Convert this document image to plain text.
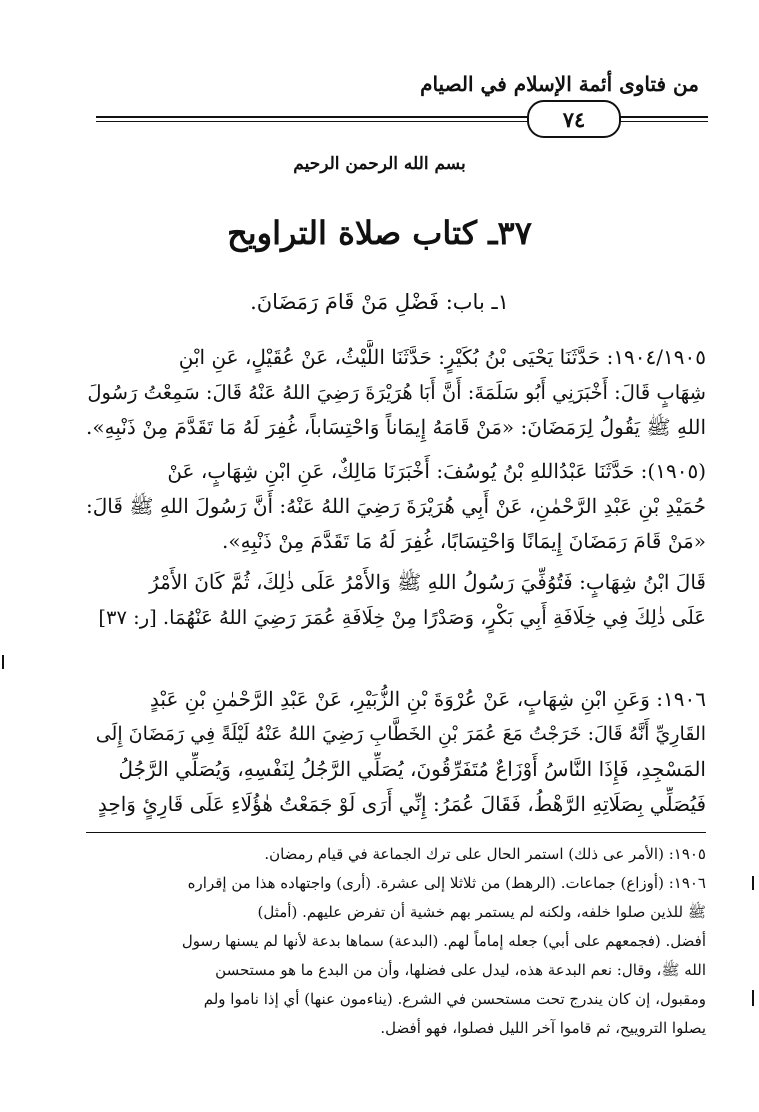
من فتاوى أئمة الإسلام في الصيام
٧٤
بسم الله الرحمن الرحيم
٣٧ـ كتاب صلاة التراويح
١ـ باب: فَضْلِ مَنْ قَامَ رَمَضَانَ.
١٩٠٤/١٩٠٥: حَدَّثَنَا يَحْيَى بْنُ بُكَيْرٍ: حَدَّثَنَا اللَّيْثُ، عَنْ عُقَيْلٍ، عَنِ ابْنِ
شِهَابٍ قَالَ: أَخْبَرَنِي أَبُو سَلَمَةَ: أَنَّ أَبَا هُرَيْرَةَ رَضِيَ اللهُ عَنْهُ قَالَ: سَمِعْتُ رَسُولَ
اللهِ ﷺ يَقُولُ لِرَمَضَانَ: «مَنْ قَامَهُ إِيمَاناً وَاحْتِسَاباً، غُفِرَ لَهُ مَا تَقَدَّمَ مِنْ ذَنْبِهِ».
(١٩٠٥): حَدَّثَنَا عَبْدُاللهِ بْنُ يُوسُفَ: أَخْبَرَنَا مَالِكٌ، عَنِ ابْنِ شِهَابٍ، عَنْ
حُمَيْدِ بْنِ عَبْدِ الرَّحْمٰنِ، عَنْ أَبِي هُرَيْرَةَ رَضِيَ اللهُ عَنْهُ: أَنَّ رَسُولَ اللهِ ﷺ قَالَ:
«مَنْ قَامَ رَمَضَانَ إِيمَانًا وَاحْتِسَابًا، غُفِرَ لَهُ مَا تَقَدَّمَ مِنْ ذَنْبِهِ».
قَالَ ابْنُ شِهَابٍ: فَتُوُفِّيَ رَسُولُ اللهِ ﷺ وَالأَمْرُ عَلَى ذٰلِكَ، ثُمَّ كَانَ الأَمْرُ
عَلَى ذٰلِكَ فِي خِلَافَةِ أَبِي بَكْرٍ، وَصَدْرًا مِنْ خِلَافَةِ عُمَرَ رَضِيَ اللهُ عَنْهُمَا. [ر: ٣٧]
١٩٠٦: وَعَنِ ابْنِ شِهَابٍ، عَنْ عُرْوَةَ بْنِ الزُّبَيْرِ، عَنْ عَبْدِ الرَّحْمٰنِ بْنِ عَبْدٍ
القَارِيِّ أَنَّهُ قَالَ: خَرَجْتُ مَعَ عُمَرَ بْنِ الخَطَّابِ رَضِيَ اللهُ عَنْهُ لَيْلَةً فِي رَمَضَانَ إِلَى
المَسْجِدِ، فَإِذَا النَّاسُ أَوْزَاعٌ مُتَفَرِّقُونَ، يُصَلِّي الرَّجُلُ لِنَفْسِهِ، وَيُصَلِّي الرَّجُلُ
فَيُصَلِّي بِصَلَاتِهِ الرَّهْطُ، فَقَالَ عُمَرُ: إِنِّي أَرَى لَوْ جَمَعْتُ هٰؤُلَاءِ عَلَى قَارِئٍ وَاحِدٍ
١٩٠٥: (الأمر عى ذلك) استمر الحال على ترك الجماعة في قيام رمضان.
١٩٠٦: (أوزاع) جماعات. (الرهط) من ثلاثلا إلى عشرة. (أرى) واجتهاده هذا من إقراره
ﷺ للذين صلوا خلفه، ولكنه لم يستمر بهم خشية أن تفرض عليهم. (أمثل)
أفضل. (فجمعهم على أبي) جعله إماماً لهم. (البدعة) سماها بدعة لأنها لم يسنها رسول
الله ﷺ، وقال: نعم البدعة هذه، ليدل على فضلها، وأن من البدع ما هو مستحسن
ومقبول، إن كان يندرج تحت مستحسن في الشرع. (يناءمون عنها) أي إذا ناموا ولم
يصلوا التروييح، ثم قاموا آخر الليل فصلوا، فهو أفضل.
